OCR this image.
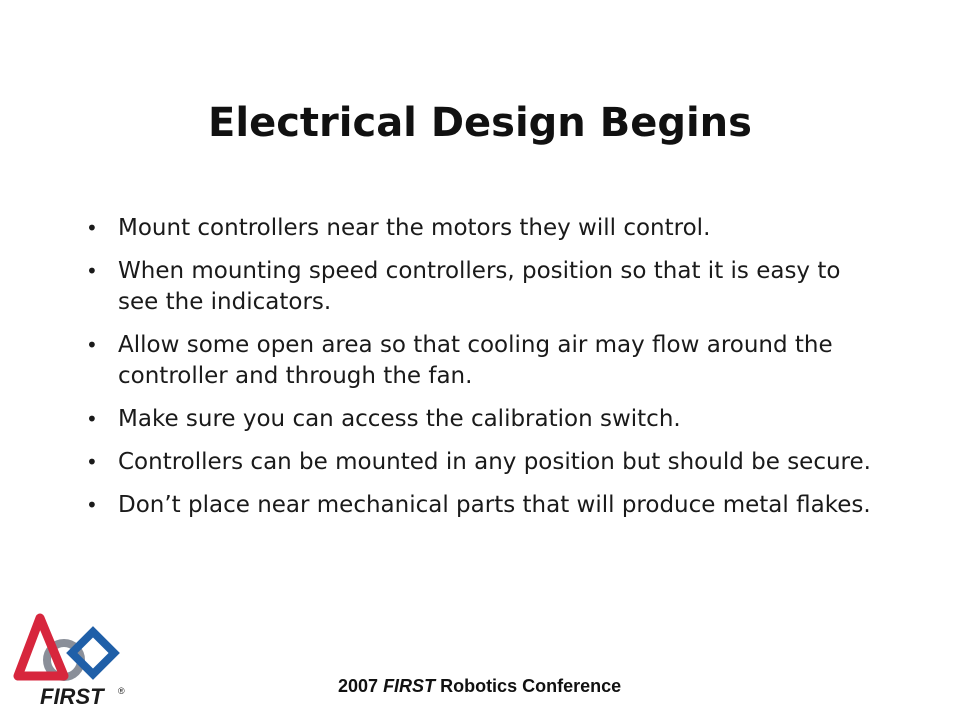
Electrical Design Begins
• Mount controllers near the motors they will control.
• When mounting speed controllers, position so that it is easy to see the indicators.
• Allow some open area so that cooling air may flow around the controller and through the fan.
• Make sure you can access the calibration switch.
• Controllers can be mounted in any position but should be secure.
• Don’t place near mechanical parts that will produce metal flakes.
FIRST ®	2007 FIRST Robotics Conference
